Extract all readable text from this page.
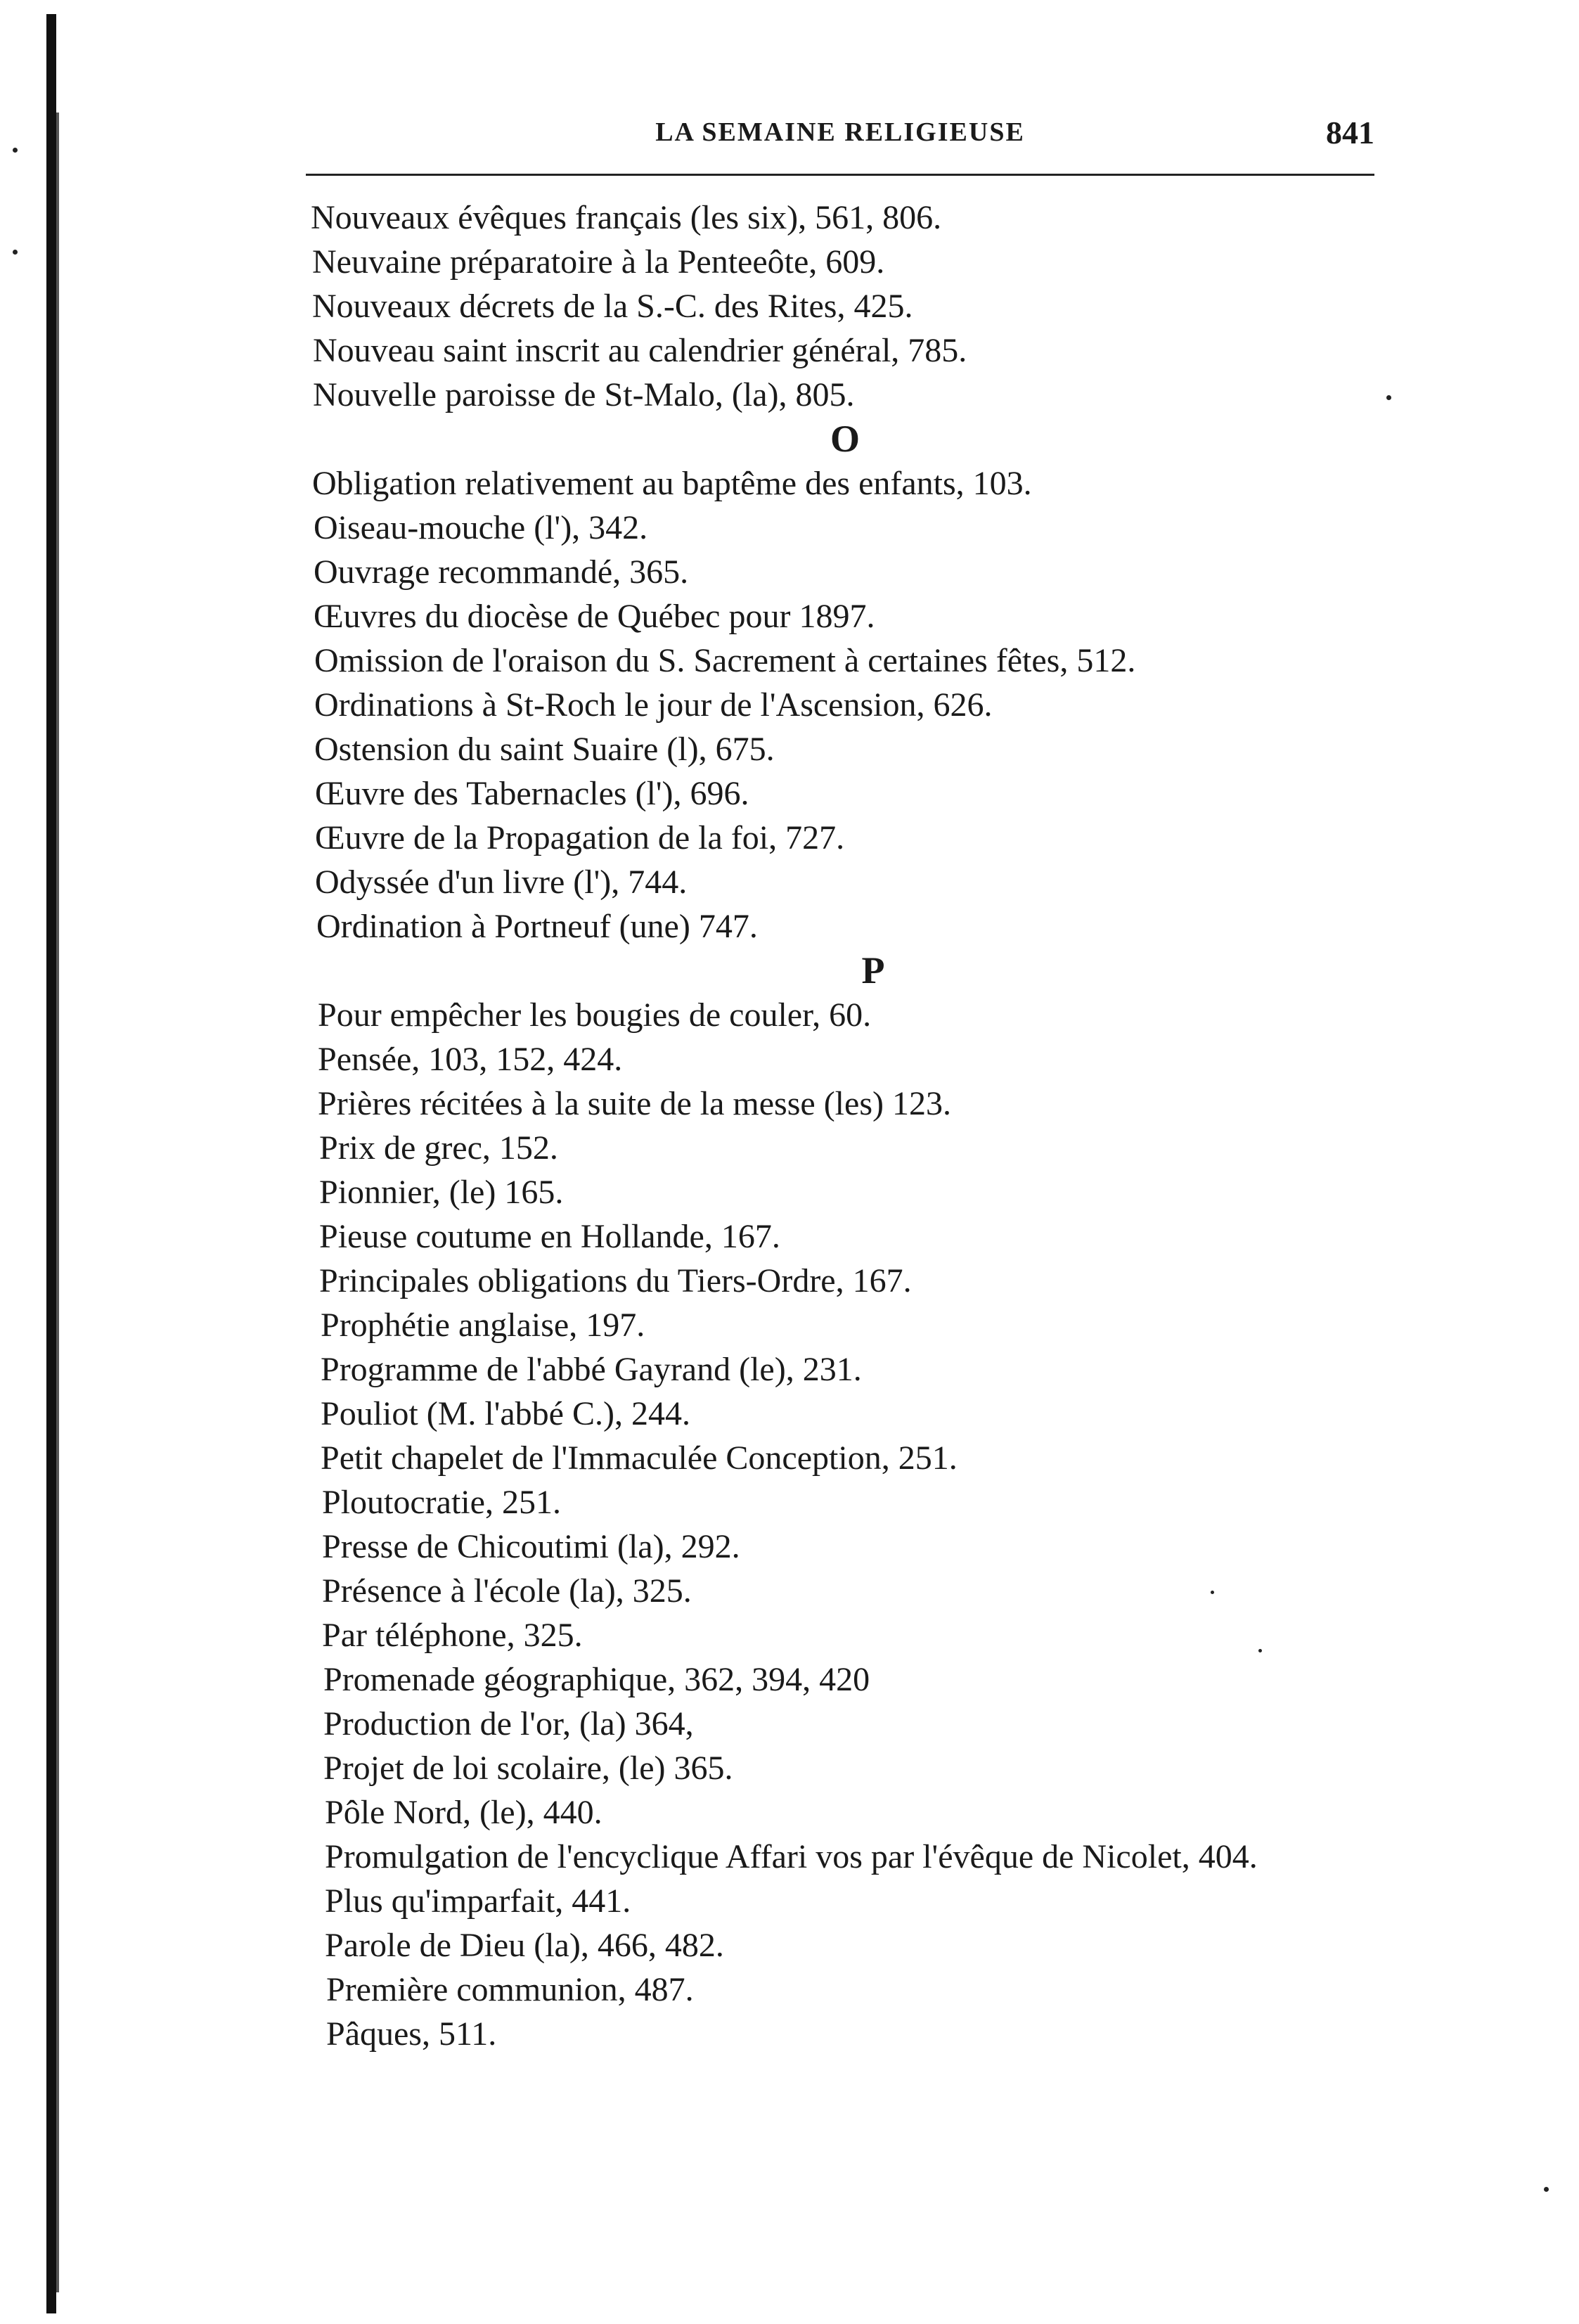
LA SEMAINE RELIGIEUSE	841
Nouveaux évêques français (les six), 561, 806.
Neuvaine préparatoire à la Penteeôte, 609.
Nouveaux décrets de la S.-C. des Rites, 425.
Nouveau saint inscrit au calendrier général, 785.
Nouvelle paroisse de St-Malo, (la), 805.
O
Obligation relativement au baptême des enfants, 103.
Oiseau-mouche (l'), 342.
Ouvrage recommandé, 365.
Œuvres du diocèse de Québec pour 1897.
Omission de l'oraison du S. Sacrement à certaines fêtes, 512.
Ordinations à St-Roch le jour de l'Ascension, 626.
Ostension du saint Suaire (l), 675.
Œuvre des Tabernacles (l'), 696.
Œuvre de la Propagation de la foi, 727.
Odyssée d'un livre (l'), 744.
Ordination à Portneuf (une) 747.
P
Pour empêcher les bougies de couler, 60.
Pensée, 103, 152, 424.
Prières récitées à la suite de la messe (les) 123.
Prix de grec, 152.
Pionnier, (le) 165.
Pieuse coutume en Hollande, 167.
Principales obligations du Tiers-Ordre, 167.
Prophétie anglaise, 197.
Programme de l'abbé Gayrand (le), 231.
Pouliot (M. l'abbé C.), 244.
Petit chapelet de l'Immaculée Conception, 251.
Ploutocratie, 251.
Presse de Chicoutimi (la), 292.
Présence à l'école (la), 325.
Par téléphone, 325.
Promenade géographique, 362, 394, 420
Production de l'or, (la) 364,
Projet de loi scolaire, (le) 365.
Pôle Nord, (le), 440.
Promulgation de l'encyclique Affari vos par l'évêque de Nicolet, 404.
Plus qu'imparfait, 441.
Parole de Dieu (la), 466, 482.
Première communion, 487.
Pâques, 511.
